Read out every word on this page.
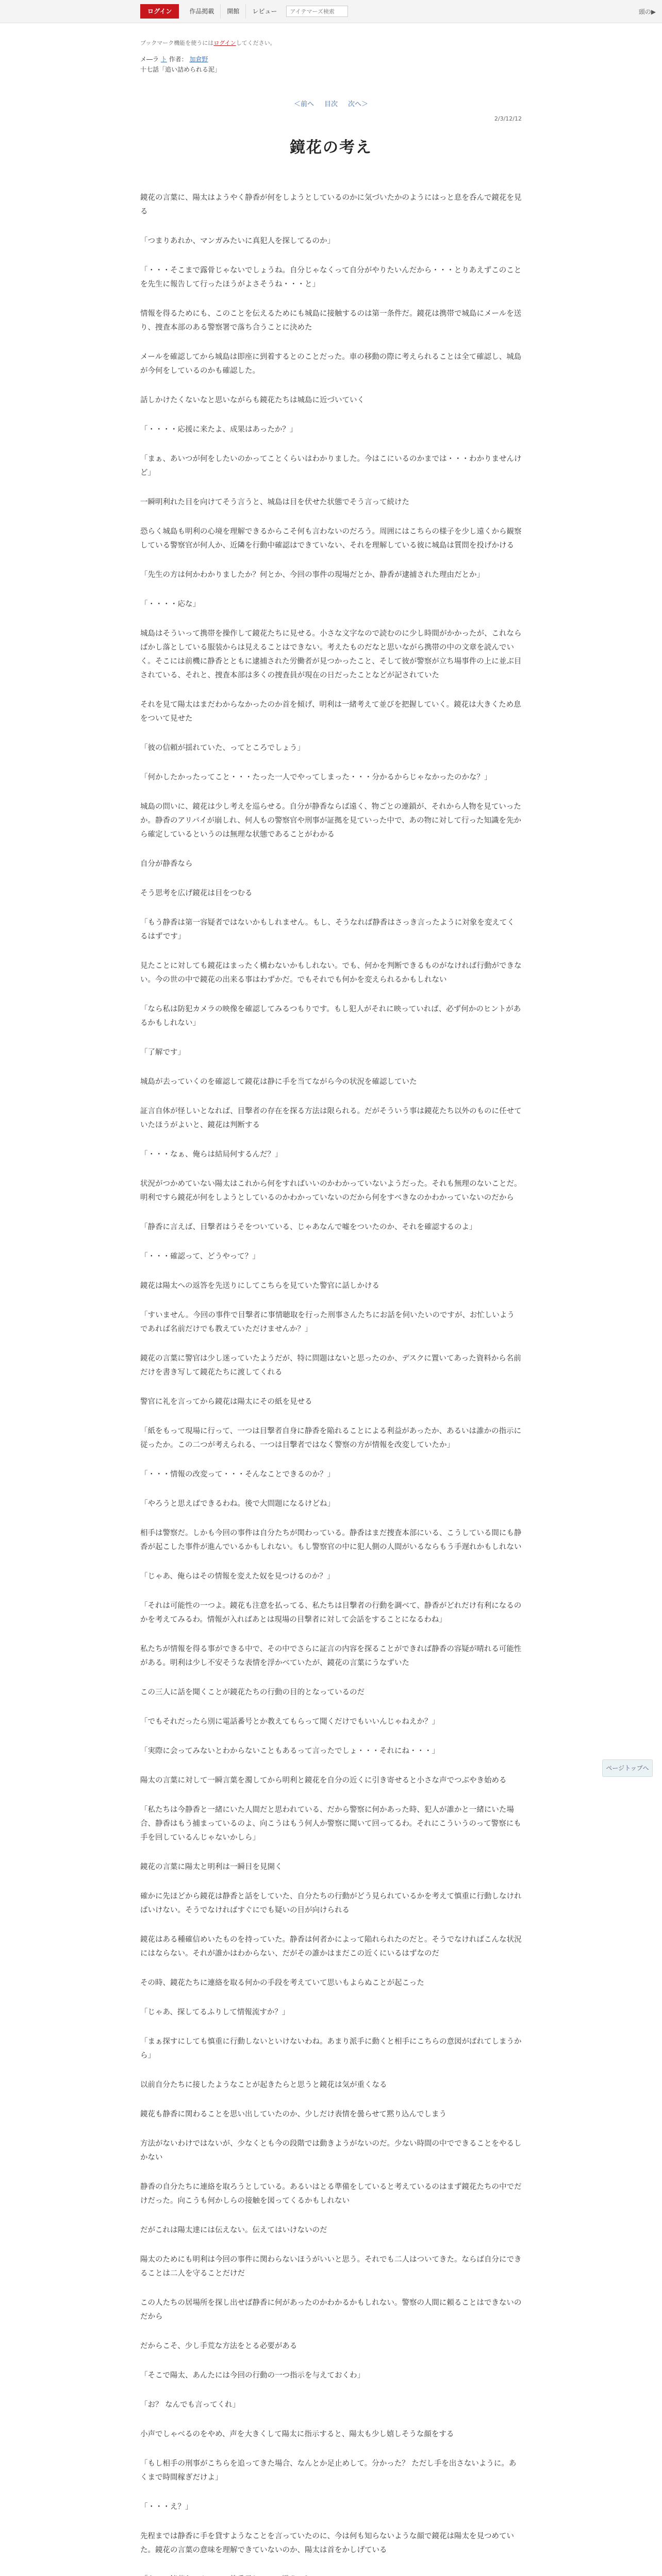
ログイン	作品掲載	開館	レビュー
アイテマーズ検索	頭の▶
ブックマーク機能を使うにはログインしてください。
メ―ラ ト 作者： 加倉野
十七話「追い詰められる泥」
＜前へ 目次 次へ＞
2/3/12/12
鏡花の考え

鏡花の言葉に、陽太はようやく静香が何をしようとしているのかに気づいたかのようにはっと息を呑んで鏡花を見る

「つまりあれか、マンガみたいに真犯人を探してるのか」

「・・・そこまで露骨じゃないでしょうね。自分じゃなくって自分がやりたいんだから・・・とりあえずこのことを先生に報告して行ったほうがよさそうね・・・と」

情報を得るためにも、このことを伝えるためにも城島に接触するのは第一条件だ。鏡花は携帯で城島にメールを送り、捜査本部のある警察署で落ち合うことに決めた

メールを確認してから城島は即座に到着するとのことだった。車の移動の際に考えられることは全て確認し、城島が今何をしているのかも確認した。

話しかけたくないなと思いながらも鏡花たちは城島に近づいていく

「・・・・応援に来たよ、成果はあったか？」

「まぁ、あいつが何をしたいのかってことくらいはわかりました。今はこにいるのかまでは・・・わかりませんけど」

一瞬明利れた目を向けてそう言うと、城島は目を伏せた状態でそう言って続けた

恐らく城島も明利の心境を理解できるからこそ何も言わないのだろう。周囲にはこちらの様子を少し遠くから観察している警察官が何人か、近隣を行動中確認はできていない、それを理解している彼に城島は質問を投げかける

「先生の方は何かわかりましたか？何とか、今回の事件の現場だとか、静香が逮捕された理由だとか」

「・・・・応な」

城島はそういって携帯を操作して鏡花たちに見せる。小さな文字なので読むのに少し時間がかかったが、これならばかし落としている服装からは見えることはできない。考えたものだなと思いながら携帯の中の文章を読んでいく。そこには前機に静香とともに逮捕された労働者が見つかったこと、そして彼が警察が立ち場事件の上に並ぶ目されている、それと、捜査本部は多くの捜査員が現在の日だったことなどが記されていた

それを見て陽太はまだわからなかったのか首を傾げ、明利は一緒考えて並びを把握していく。鏡花は大きくため息をついて見せた

「彼の信頼が揺れていた、ってところでしょう」

「何かしたかったってこと・・・たった一人でやってしまった・・・分かるからじゃなかったのかな？」

城島の問いに、鏡花は少し考えを巡らせる。自分が静香ならば遠く、物ごとの連鎖が、それから人物を見ていったか。静香のアリバイが崩しれ、何人もの警察官や刑事が証拠を見ていった中で、あの物に対して行った知識を先から確定しているというのは無理な状態であることがわかる

自分が静香なら

そう思考を広げ鏡花は目をつむる

「もう静香は第一容疑者ではないかもしれません。もし、そうなれば静香はさっき言ったように対象を変えてくるはずです」

見たことに対しても鏡花はまったく構わないかもしれない。でも、何かを判断できるものがなければ行動ができない。今の世の中で鏡花の出来る事はわずかだ。でもそれでも何かを変えられるかもしれない

「なら私は防犯カメラの映像を確認してみるつもりです。もし犯人がそれに映っていれば、必ず何かのヒントがあるかもしれない」

「了解です」

城島が去っていくのを確認して鏡花は静に手を当てながら今の状況を確認していた

証言自体が怪しいとなれば、目撃者の存在を探る方法は限られる。だがそういう事は鏡花たち以外のものに任せていたほうがよいと、鏡花は判断する

「・・・なぁ、俺らは結局何するんだ？」

状況がつかめていない陽太はこれから何をすればいいのかわかっていないようだった。それも無理のないことだ。明利ですら鏡花が何をしようとしているのかわかっていないのだから何をすべきなのかわかっていないのだから

「静香に言えば、目撃者はうそをついている、じゃあなんで嘘をついたのか、それを確認するのよ」

「・・・確認って、どうやって？」

鏡花は陽太への返答を先送りにしてこちらを見ていた警官に話しかける

「すいません。今回の事件で目撃者に事情聴取を行った刑事さんたちにお話を伺いたいのですが、お忙しいようであれば名前だけでも教えていただけませんか？」

鏡花の言葉に警官は少し迷っていたようだが、特に問題はないと思ったのか、デスクに置いてあった資料から名前だけを書き写して鏡花たちに渡してくれる

警官に礼を言ってから鏡花は陽太にその紙を見せる

「紙をもって現場に行って、一つは目撃者自身に静香を陥れることによる利益があったか、あるいは誰かの指示に従ったか。この二つが考えられる、一つは目撃者ではなく警察の方が情報を改変していたか」

「・・・情報の改変って・・・そんなことできるのか？」

「やろうと思えばできるわね。後で大問題になるけどね」

相手は警察だ。しかも今回の事件は自分たちが関わっている。静香はまだ捜査本部にいる、こうしている間にも静香が起こした事件が進んでいるかもしれない。もし警察官の中に犯人側の人間がいるならもう手遅れかもしれない

「じゃあ、俺らはその情報を変えた奴を見つけるのか？」

「それは可能性の一つよ。鏡花も注意を払ってる、私たちは目撃者の行動を調べて、静香がどれだけ有利になるのかを考えてみるわ。情報が入ればあとは現場の目撃者に対して会話をすることになるわね」

私たちが情報を得る事ができる中で、その中でさらに証言の内容を探ることができれば静香の容疑が晴れる可能性がある。明利は少し不安そうな表情を浮かべていたが、鏡花の言葉にうなずいた

この三人に話を聞くことが鏡花たちの行動の目的となっているのだ

「でもそれだったら別に電話番号とか教えてもらって聞くだけでもいいんじゃねえか？」

「実際に会ってみないとわからないこともあるって言ったでしょ・・・それにね・・・」

陽太の言葉に対して一瞬言葉を濁してから明利と鏡花を自分の近くに引き寄せると小さな声でつぶやき始める

「私たちは今静香と一緒にいた人間だと思われている、だから警察に何かあった時、犯人が誰かと一緒にいた場合、静香はもう捕まっているのよ、向こうはもう何人か警察に聞いて回ってるわ。それにこういうのって警察にも手を回しているんじゃないかしら」

鏡花の言葉に陽太と明利は一瞬目を見開く

確かに先ほどから鏡花は静香と話をしていた、自分たちの行動がどう見られているかを考えて慎重に行動しなければいけない。そうでなければすぐにでも疑いの目が向けられる

鏡花はある種確信めいたものを持っていた。静香は何者かによって陥れられたのだと。そうでなければこんな状況にはならない。それが誰かはわからない、だがその誰かはまだこの近くにいるはずなのだ

その時、鏡花たちに連絡を取る何かの手段を考えていて思いもよらぬことが起こった

「じゃあ、探してるふりして情報流すか？」

「まぁ探すにしても慎重に行動しないといけないわね。あまり派手に動くと相手にこちらの意図がばれてしまうから」

以前自分たちに接したようなことが起きたらと思うと鏡花は気が重くなる

鏡花も静香に関わることを思い出していたのか、少しだけ表情を曇らせて黙り込んでしまう

方法がないわけではないが、少なくとも今の段階では動きようがないのだ。少ない時間の中でできることをやるしかない

静香の自分たちに連絡を取ろうとしている。あるいはとる準備をしていると考えているのはまず鏡花たちの中でだけだった。向こうも何かしらの接触を図ってくるかもしれない

だがこれは陽太達には伝えない。伝えてはいけないのだ

陽太のためにも明利は今回の事件に関わらないほうがいいと思う。それでも二人はついてきた。ならば自分にできることは二人を守ることだけだ

この人たちの居場所を探し出せば静香に何があったのかわかるかもしれない。警察の人間に頼ることはできないのだから

だからこそ、少し手荒な方法をとる必要がある

「そこで陽太、あんたには今回の行動の一つ指示を与えておくわ」

「お？ なんでも言ってくれ」

小声でしゃべるのをやめ、声を大きくして陽太に指示すると、陽太も少し嬉しそうな顔をする

「もし相手の刑事がこちらを追ってきた場合、なんとか足止めして。分かった？ ただし手を出さないように。あくまで時間稼ぎだけよ」

「・・・え？」

先程までは静香に手を貸すようなことを言っていたのに、今は何も知らないような顔で鏡花は陽太を見つめていた。鏡花の言葉の意味を理解できていないのか、陽太は首をかしげている

ページトップへ
